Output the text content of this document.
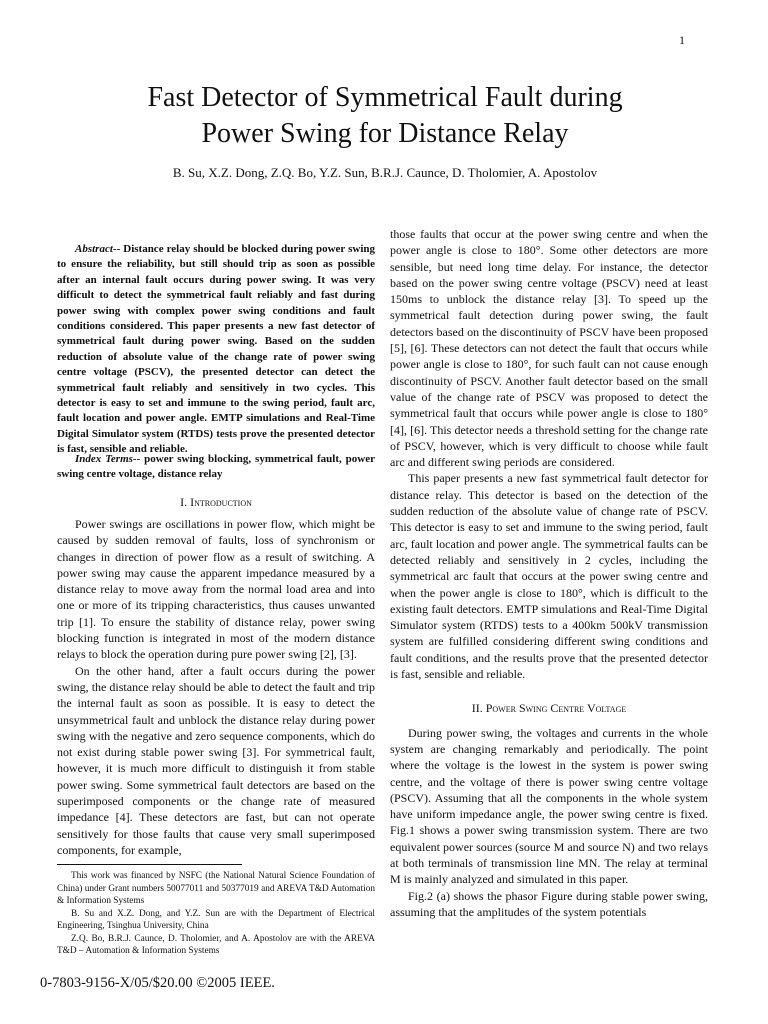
1
Fast Detector of Symmetrical Fault during
Power Swing for Distance Relay
B. Su, X.Z. Dong, Z.Q. Bo, Y.Z. Sun, B.R.J. Caunce, D. Tholomier, A. Apostolov
Abstract-- Distance relay should be blocked during power swing to ensure the reliability, but still should trip as soon as possible after an internal fault occurs during power swing. It was very difficult to detect the symmetrical fault reliably and fast during power swing with complex power swing conditions and fault conditions considered. This paper presents a new fast detector of symmetrical fault during power swing. Based on the sudden reduction of absolute value of the change rate of power swing centre voltage (PSCV), the presented detector can detect the symmetrical fault reliably and sensitively in two cycles. This detector is easy to set and immune to the swing period, fault arc, fault location and power angle. EMTP simulations and Real-Time Digital Simulator system (RTDS) tests prove the presented detector is fast, sensible and reliable.
Index Terms-- power swing blocking, symmetrical fault, power swing centre voltage, distance relay
I. Introduction

Power swings are oscillations in power flow, which might be caused by sudden removal of faults, loss of synchronism or changes in direction of power flow as a result of switching. A power swing may cause the apparent impedance measured by a distance relay to move away from the normal load area and into one or more of its tripping characteristics, thus causes unwanted trip [1]. To ensure the stability of distance relay, power swing blocking function is integrated in most of the modern distance relays to block the operation during pure power swing [2], [3].

On the other hand, after a fault occurs during the power swing, the distance relay should be able to detect the fault and trip the internal fault as soon as possible. It is easy to detect the unsymmetrical fault and unblock the distance relay during power swing with the negative and zero sequence components, which do not exist during stable power swing [3]. For symmetrical fault, however, it is much more difficult to distinguish it from stable power swing. Some symmetrical fault detectors are based on the superimposed components or the change rate of measured impedance [4]. These detectors are fast, but can not operate sensitively for those faults that cause very small superimposed components, for example,

This work was financed by NSFC (the National Natural Science Foundation of China) under Grant numbers 50077011 and 50377019 and AREVA T&D Automation & Information Systems

B. Su and X.Z. Dong, and Y.Z. Sun are with the Department of Electrical Engineering, Tsinghua University, China

Z.Q. Bo, B.R.J. Caunce, D. Tholomier, and A. Apostolov are with the AREVA T&D – Automation & Information Systems

0-7803-9156-X/05/$20.00 ©2005 IEEE.

those faults that occur at the power swing centre and when the power angle is close to 180°. Some other detectors are more sensible, but need long time delay. For instance, the detector based on the power swing centre voltage (PSCV) need at least 150ms to unblock the distance relay [3]. To speed up the symmetrical fault detection during power swing, the fault detectors based on the discontinuity of PSCV have been proposed [5], [6]. These detectors can not detect the fault that occurs while power angle is close to 180°, for such fault can not cause enough discontinuity of PSCV. Another fault detector based on the small value of the change rate of PSCV was proposed to detect the symmetrical fault that occurs while power angle is close to 180° [4], [6]. This detector needs a threshold setting for the change rate of PSCV, however, which is very difficult to choose while fault arc and different swing periods are considered.

This paper presents a new fast symmetrical fault detector for distance relay. This detector is based on the detection of the sudden reduction of the absolute value of change rate of PSCV. This detector is easy to set and immune to the swing period, fault arc, fault location and power angle. The symmetrical faults can be detected reliably and sensitively in 2 cycles, including the symmetrical arc fault that occurs at the power swing centre and when the power angle is close to 180°, which is difficult to the existing fault detectors. EMTP simulations and Real-Time Digital Simulator system (RTDS) tests to a 400km 500kV transmission system are fulfilled considering different swing conditions and fault conditions, and the results prove that the presented detector is fast, sensible and reliable.

II. Power Swing Centre Voltage

During power swing, the voltages and currents in the whole system are changing remarkably and periodically. The point where the voltage is the lowest in the system is power swing centre, and the voltage of there is power swing centre voltage (PSCV). Assuming that all the components in the whole system have uniform impedance angle, the power swing centre is fixed. Fig.1 shows a power swing transmission system. There are two equivalent power sources (source M and source N) and two relays at both terminals of transmission line MN. The relay at terminal M is mainly analyzed and simulated in this paper.

Fig.2 (a) shows the phasor Figure during stable power swing, assuming that the amplitudes of the system potentials
